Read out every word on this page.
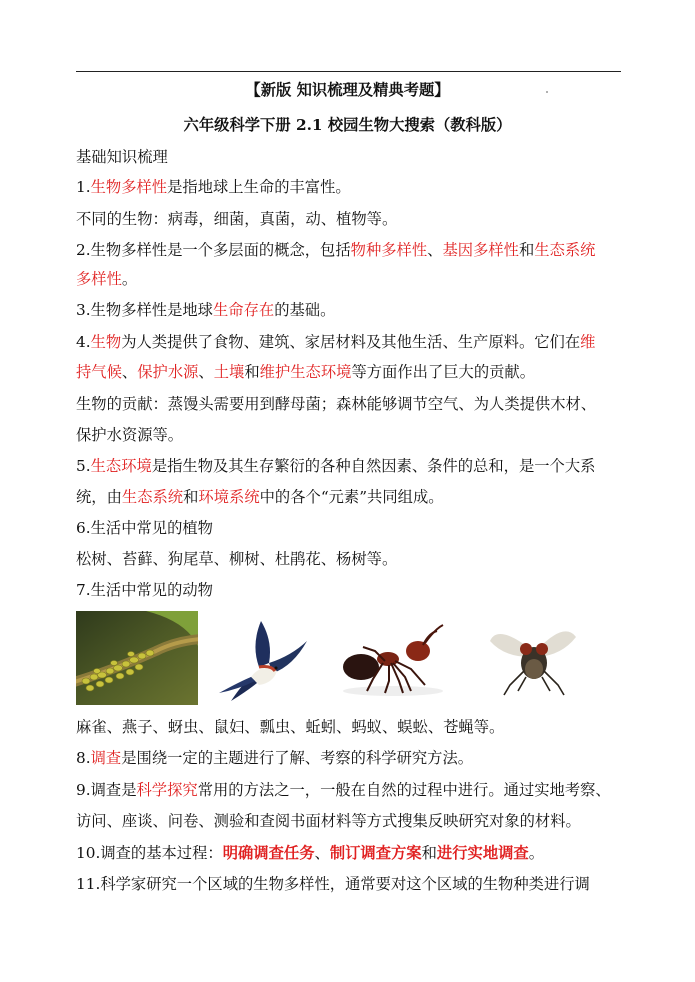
【新版 知识梳理及精典考题】
六年级科学下册 2.1 校园生物大搜索（教科版）
基础知识梳理
1.生物多样性是指地球上生命的丰富性。
不同的生物：病毒，细菌，真菌，动、植物等。
2.生物多样性是一个多层面的概念，包括物种多样性、基因多样性和生态系统
多样性。
3.生物多样性是地球生命存在的基础。
4.生物为人类提供了食物、建筑、家居材料及其他生活、生产原料。它们在维
持气候、保护水源、土壤和维护生态环境等方面作出了巨大的贡献。
生物的贡献：蒸馒头需要用到酵母菌；森林能够调节空气、为人类提供木材、
保护水资源等。
5.生态环境是指生物及其生存繁衍的各种自然因素、条件的总和，是一个大系
统，由生态系统和环境系统中的各个“元素”共同组成。
6.生活中常见的植物
松树、苔藓、狗尾草、柳树、杜鹃花、杨树等。
7.生活中常见的动物
麻雀、燕子、蚜虫、鼠妇、瓢虫、蚯蚓、蚂蚁、蜈蚣、苍蝇等。
8.调查是围绕一定的主题进行了解、考察的科学研究方法。
9.调查是科学探究常用的方法之一，一般在自然的过程中进行。通过实地考察、
访问、座谈、问卷、测验和查阅书面材料等方式搜集反映研究对象的材料。
10.调查的基本过程：明确调查任务、制订调查方案和进行实地调查。
11.科学家研究一个区域的生物多样性，通常要对这个区域的生物种类进行调
